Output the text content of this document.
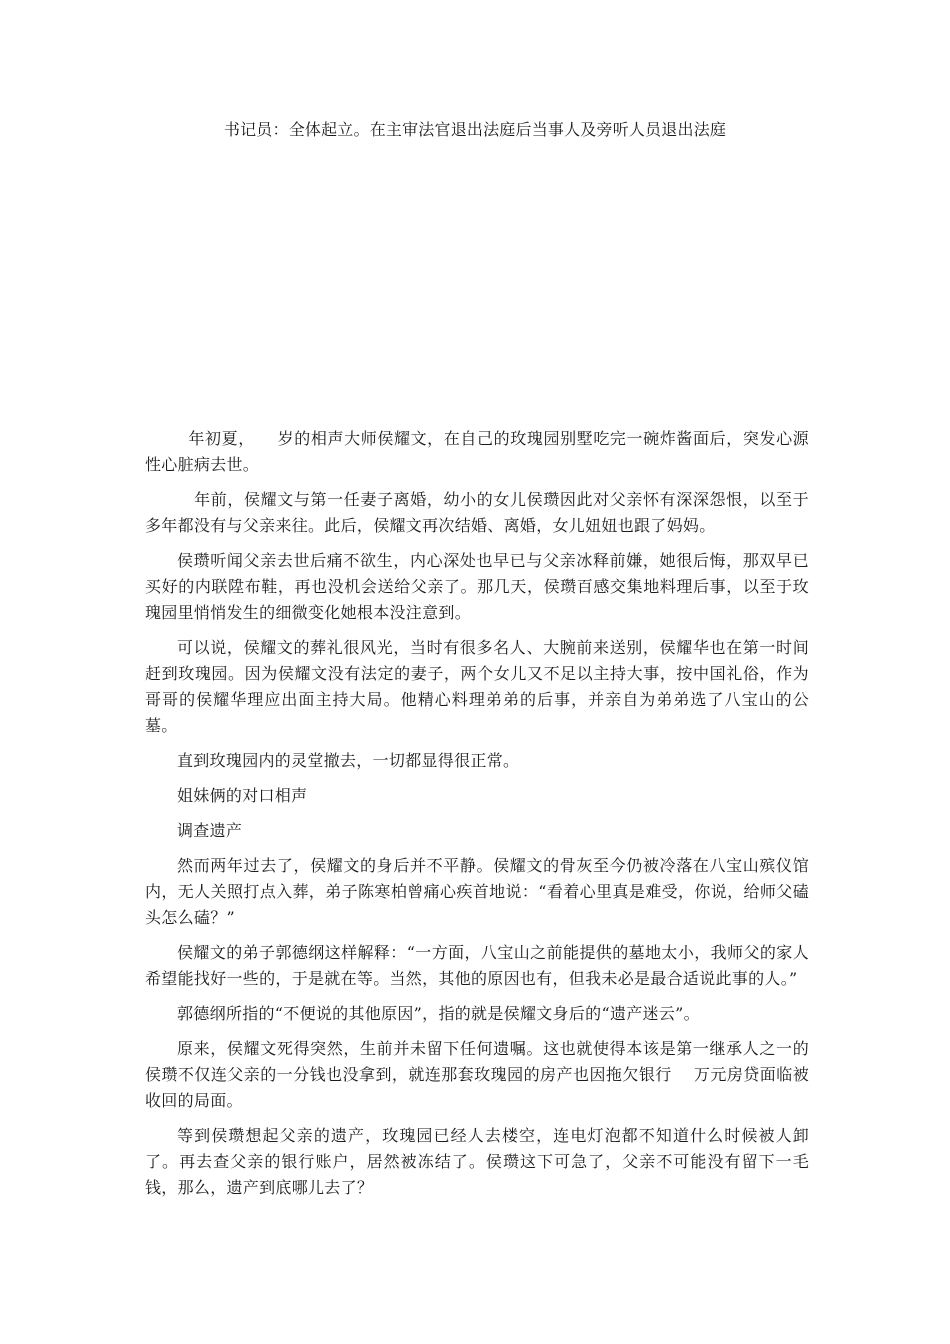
书记员：全体起立。在主审法官退出法庭后当事人及旁听人员退出法庭

年初夏，    岁的相声大师侯耀文，在自己的玫瑰园别墅吃完一碗炸酱面后，突发心源性心脏病去世。

年前，侯耀文与第一任妻子离婚，幼小的女儿侯瓒因此对父亲怀有深深怨恨，以至于    多年都没有与父亲来往。此后，侯耀文再次结婚、离婚，女儿妞妞也跟了妈妈。

侯瓒听闻父亲去世后痛不欲生，内心深处也早已与父亲冰释前嫌，她很后悔，那双早已买好的内联陞布鞋，再也没机会送给父亲了。那几天，侯瓒百感交集地料理后事，以至于玫瑰园里悄悄发生的细微变化她根本没注意到。

可以说，侯耀文的葬礼很风光，当时有很多名人、大腕前来送别，侯耀华也在第一时间赶到玫瑰园。因为侯耀文没有法定的妻子，两个女儿又不足以主持大事，按中国礼俗，作为哥哥的侯耀华理应出面主持大局。他精心料理弟弟的后事，并亲自为弟弟选了八宝山的公墓。

直到玫瑰园内的灵堂撤去，一切都显得很正常。

姐妹俩的对口相声

调查遗产

然而两年过去了，侯耀文的身后并不平静。侯耀文的骨灰至今仍被冷落在八宝山殡仪馆内，无人关照打点入葬，弟子陈寒柏曾痛心疾首地说：“看着心里真是难受，你说，给师父磕头怎么磕？”

侯耀文的弟子郭德纲这样解释：“一方面，八宝山之前能提供的墓地太小，我师父的家人希望能找好一些的，于是就在等。当然，其他的原因也有，但我未必是最合适说此事的人。”

郭德纲所指的“不便说的其他原因”，指的就是侯耀文身后的“遗产迷云”。

原来，侯耀文死得突然，生前并未留下任何遗嘱。这也就使得本该是第一继承人之一的侯瓒不仅连父亲的一分钱也没拿到，就连那套玫瑰园的房产也因拖欠银行    万元房贷面临被收回的局面。

等到侯瓒想起父亲的遗产，玫瑰园已经人去楼空，连电灯泡都不知道什么时候被人卸了。再去查父亲的银行账户，居然被冻结了。侯瓒这下可急了，父亲不可能没有留下一毛钱，那么，遗产到底哪儿去了？
